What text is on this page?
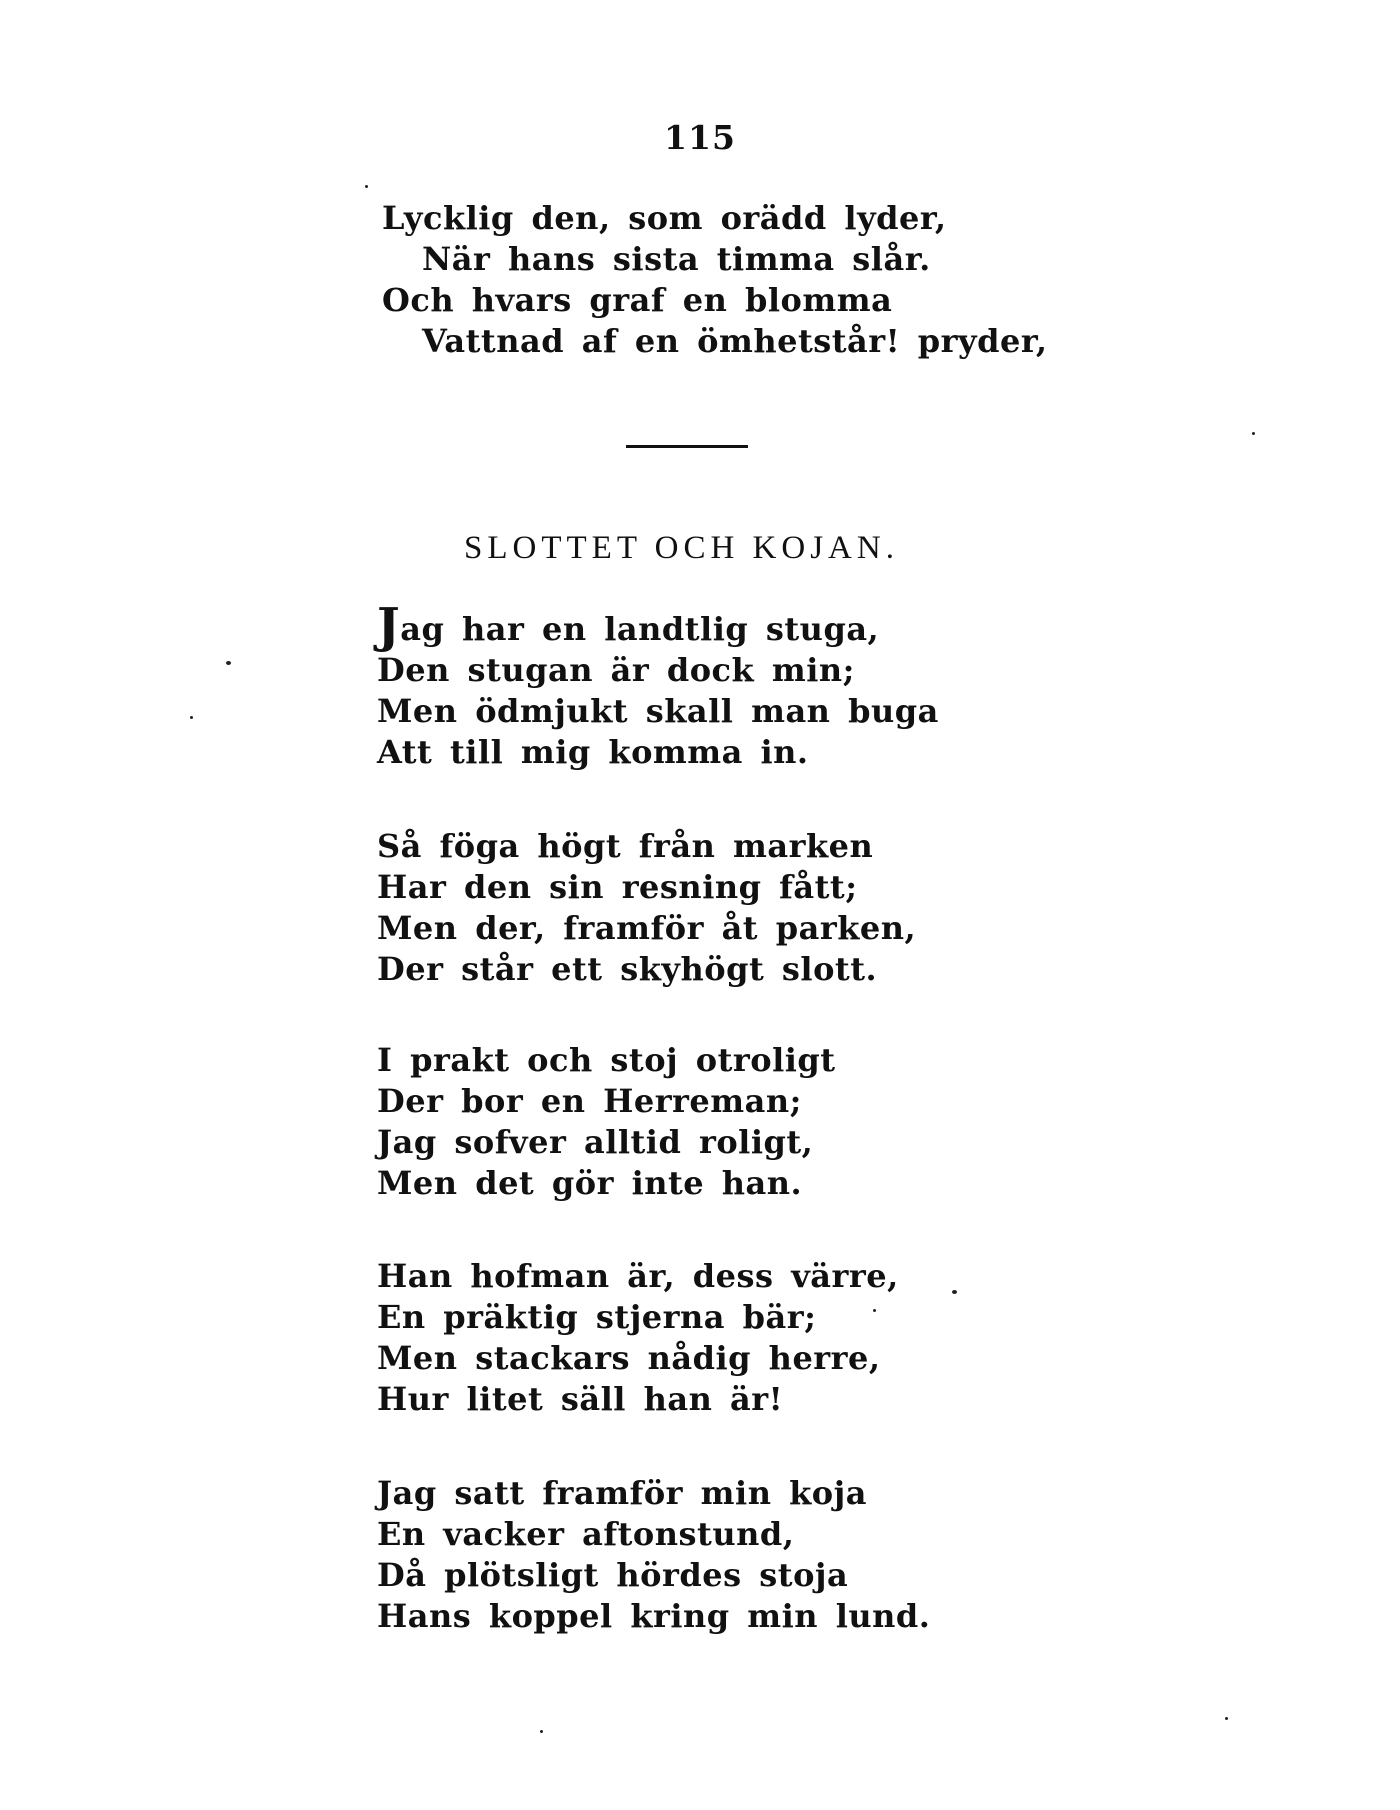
115
Lycklig den, som orädd lyder,
När hans sista timma slår.
Och hvars graf en blomma
Vattnad af en ömhetstår! pryder,
SLOTTET OCH KOJAN.
Jag har en landtlig stuga,
Den stugan är dock min;
Men ödmjukt skall man buga
Att till mig komma in.
Så föga högt från marken
Har den sin resning fått;
Men der, framför åt parken,
Der står ett skyhögt slott.
I prakt och stoj otroligt
Der bor en Herreman;
Jag sofver alltid roligt,
Men det gör inte han.
Han hofman är, dess värre,
En präktig stjerna bär;
Men stackars nådig herre,
Hur litet säll han är!
Jag satt framför min koja
En vacker aftonstund,
Då plötsligt hördes stoja
Hans koppel kring min lund.
